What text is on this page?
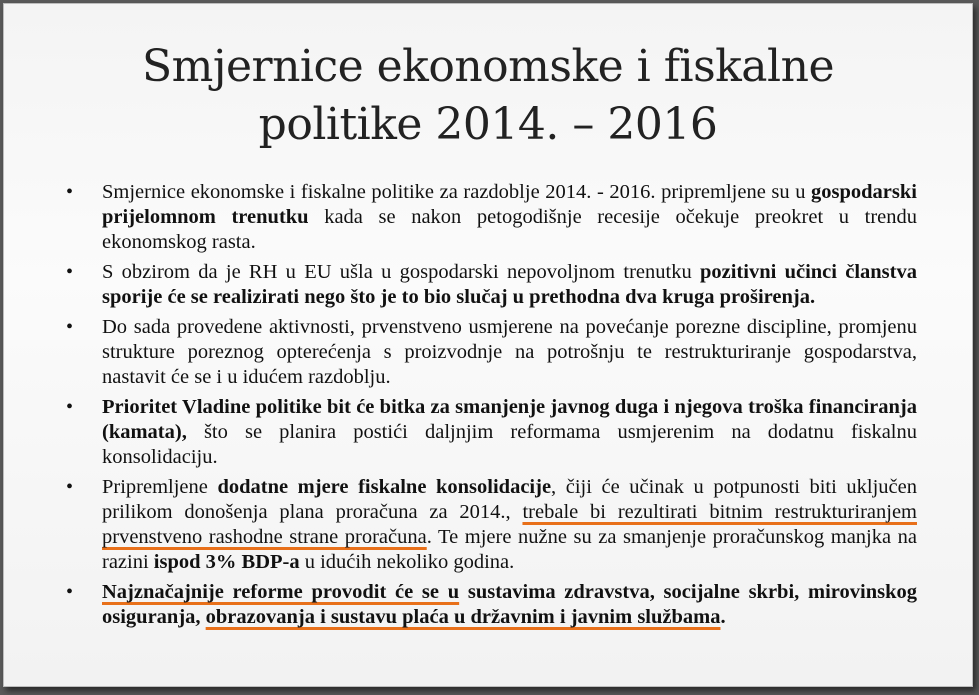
Smjernice ekonomske i fiskalne
politike 2014. – 2016
• Smjernice ekonomske i fiskalne politike za razdoblje 2014. - 2016. pripremljene su u gospodarski prijelomnom trenutku kada se nakon petogodišnje recesije očekuje preokret u trendu ekonomskog rasta.
• S obzirom da je RH u EU ušla u gospodarski nepovoljnom trenutku pozitivni učinci članstva sporije će se realizirati nego što je to bio slučaj u prethodna dva kruga proširenja.
• Do sada provedene aktivnosti, prvenstveno usmjerene na povećanje porezne discipline, promjenu strukture poreznog opterećenja s proizvodnje na potrošnju te restrukturiranje gospodarstva, nastavit će se i u idućem razdoblju.
• Prioritet Vladine politike bit će bitka za smanjenje javnog duga i njegova troška financiranja (kamata), što se planira postići daljnjim reformama usmjerenim na dodatnu fiskalnu konsolidaciju.
• Pripremljene dodatne mjere fiskalne konsolidacije, čiji će učinak u potpunosti biti uključen prilikom donošenja plana proračuna za 2014., trebale bi rezultirati bitnim restrukturiranjem prvenstveno rashodne strane proračuna. Te mjere nužne su za smanjenje proračunskog manjka na razini ispod 3% BDP-a u idućih nekoliko godina.
• Najznačajnije reforme provodit će se u sustavima zdravstva, socijalne skrbi, mirovinskog osiguranja, obrazovanja i sustavu plaća u državnim i javnim službama.
